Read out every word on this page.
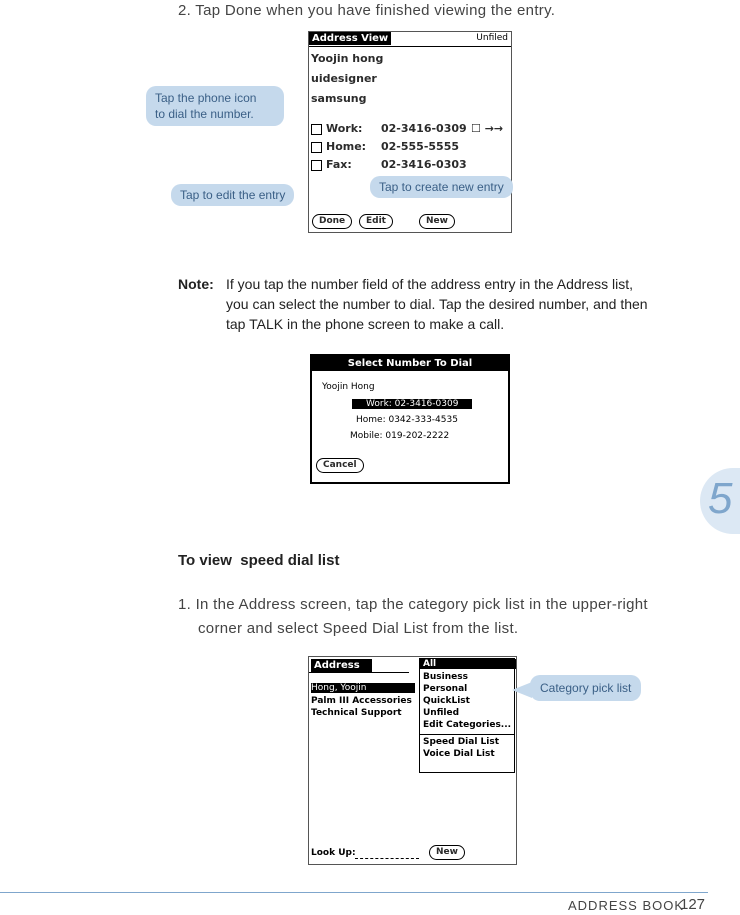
2. Tap Done when you have finished viewing the entry.
Address View	Unfiled
Yoojin hong
uidesigner
samsung
Work: 02-3416-0309 ☐ →→
Home: 02-555-5555
Fax:	02-3416-0303
Done	Edit	New
Tap the phone icon
to dial the number.
Tap to edit the entry
Tap to create new entry
Note: If you tap the number field of the address entry in the Address list,
you can select the number to dial. Tap the desired number, and then
tap TALK in the phone screen to make a call.
Select Number To Dial
Yoojin Hong
Work: 02-3416-0309
Home: 0342-333-4535
Mobile: 019-202-2222
Cancel
5
To view  speed dial list
1. In the Address screen, tap the category pick list in the upper-right
corner and select Speed Dial List from the list.
Address
Hong, Yoojin
Palm III Accessories
Technical Support
All
Business
Personal
QuickList
Unfiled
Edit Categories...
Speed Dial List
Voice Dial List
Look Up:	New
Category pick list
ADDRESS BOOK
127
